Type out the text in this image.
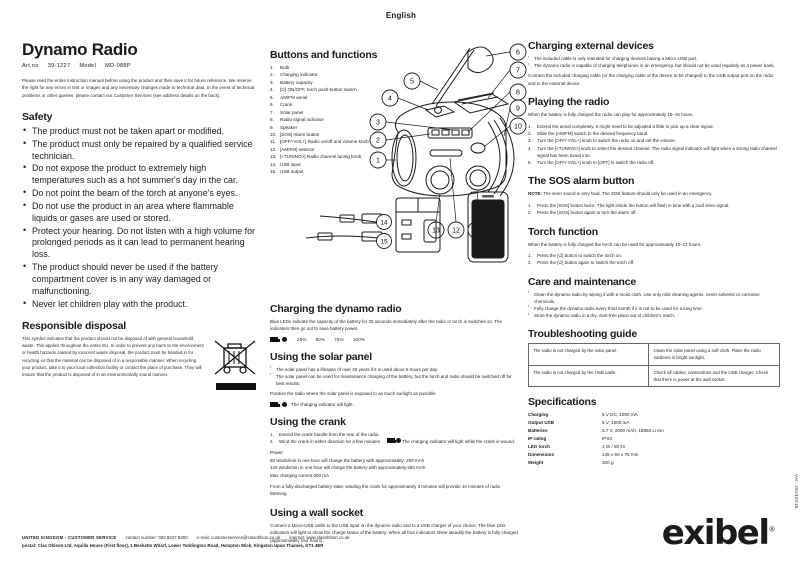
English
Dynamo Radio
Art.no 39-1227 Model MD-088P

Please read the entire instruction manual before using the product and then save it for future reference. We reserve the right for any errors in text or images and any necessary changes made to technical data. In the event of technical problems or other queries, please contact our Customer Services (see address details on the back).

Safety
• The product must not be taken apart or modified.
• The product must only be repaired by a qualified service technician.
• Do not expose the product to extremely high temperatures such as a hot summer's day in the car.
• Do not point the beam of the torch at anyone's eyes.
• Do not use the product in an area where flammable liquids or gases are used or stored.
• Protect your hearing. Do not listen with a high volume for prolonged periods as it can lead to permanent hearing loss.
• The product should never be used if the battery compartment cover is in any way damaged or malfunctioning.
• Never let children play with the product.
Responsible disposal
This symbol indicates that the product should not be disposed of with general household waste. This applies throughout the entire EU. In order to prevent any harm to the environment or health hazards caused by incorrect waste disposal, the product must be handed in for recycling so that the material can be disposed of in a responsible manner. When recycling your product, take it to your local collection facility or contact the place of purchase. They will ensure that the product is disposed of in an environmentally sound manner.
Buttons and functions
Bulb
Charging indicator
Battery capacity
[⏻] ON/OFF, torch push-button switch
AM/FM aerial
Crank
Solar panel
Radio signal indicator
Speaker
[SOS] Alarm button
[OFF/-VOL+] Radio on/off and volume knob
[AM/FM] selector
[<TUNING>] Radio channel tuning knob
USB input
USB output
Charging the dynamo radio

Blue LEDs indicate the capacity of the battery for 30 seconds immediately after the radio or torch is switched on. The indicators then go out to save battery power.

25% 50% 75% 100%
Using the solar panel
▪ The solar panel has a lifespan of over 25 years if it is used about 5 hours per day.
▪ The solar panel can be used for maintenance charging of the battery, but the torch and radio should be switched off for best results.

Position the radio where the solar panel is exposed to as much sunlight as possible

The charging indicator will light.
Using the crank
Extend the crank handle from the rear of the radio.
Wind the crank in either direction for a few minutes.	The charging indicator will light while the crank is wound.

Power:

60 winds/min in one hour will charge the battery with approximately: 200 mAh

120 winds/min in one hour will charge the battery with approximately:350 mAh

Max charging current 600 mA

From a fully-discharged battery state, winding the crank for approximately 3 minutes will provide 10 minutes of radio listening.

Using a wall socket

Connect a Micro-USB cable to the USB input on the dynamo radio and to a USB charger of your choice. The blue LED indicators will light to show the charge status of the battery. When all four indicators shine steadily the battery is fully charged (approximately four hours).

Charging external devices
▪ The included cable is only intended for charging devices having a Micro-USB port.
▪ The dynamo radio is capable of charging telephones in an emergency, but should not be used regularly as a power bank.

Connect the included charging cable (or the charging cable of the device to be charged) to the USB output port on the radio and to the external device.

Playing the radio

When the battery is fully charged the radio can play for approximately 15–16 hours.

Extend the aerial completely. It might need to be adjusted a little to pick up a clear signal.
Slide the [AM/FM] switch to the desired frequency band.
Turn the [OFF/-VOL+] knob to switch the radio on and set the volume.
Turn the [<TUNING>] knob to select the desired channel. The radio signal indicator will light when a strong radio channel signal has been tuned into.
Turn the [OFF/-VOL+] knob to [OFF] to switch the radio off.
The SOS alarm button

NOTE: The siren sound is very loud. The SOS feature should only be used in an emergency.

Press the [SOS] button twice. The light inside the button will flash in time with a loud siren signal.
Press the [SOS] button again to turn the alarm off.
Torch function

When the battery is fully charged the torch can be used for approximately 10–12 hours.

Press the [⏻] button to switch the torch on.
Press the [⏻] button again to switch the torch off.
Care and maintenance
▪ Clean the dynamo radio by wiping it with a moist cloth. Use only mild cleaning agents, never solvents or corrosive chemicals.
▪ Fully charge the dynamo radio every third month if it is not to be used for a long time.
▪ Store the dynamo radio in a dry, dust-free place out of children's reach.
Troubleshooting guide
The radio is not charged by the solar panel.	Clean the solar panel using a soft cloth. Place the radio outdoors in bright sunlight.
The radio is not charged by the USB cable.	Check all cables, connections and the USB charger. Check that there is power at the wall socket.
Specifications
Charging	5 V DC, 1000 mA
Output USB	5 V, 1000 mA
Batteries	3.7 V, 2000 mAh, 18650 Li-ion
IP rating	IPX3
LED torch	1 W / 80 lm
Dimensions	145 x 60 x 75 mm
Weight	300 g
1
2
3
4
5
6
7
8
9
10
12
13
14
15
UNITED KINGDOM - CUSTOMER SERVICE contact number: 020 8247 9300 e-mail: customerservice@clasohlson.co.uk internet: www.clasohlson.co.uk
postal: Clas Ohlson Ltd, Aquilla House (First floor), 1 Becketts Wharf, Lower Teddington Road, Hampton Wick, Kingston Upon Thames, KT1 4ER	exibel®
Ver. 20210215
